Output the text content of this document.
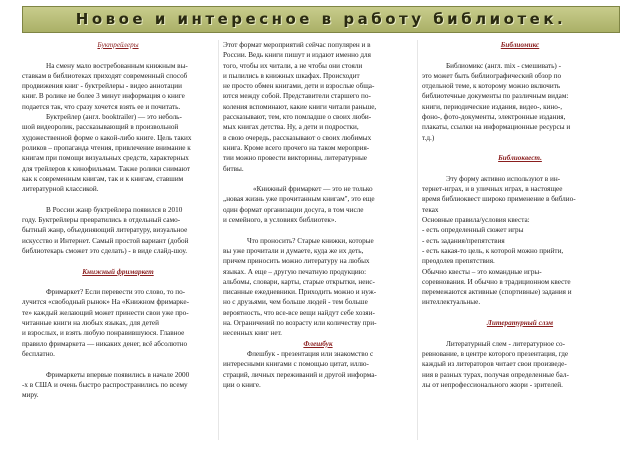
Новое и интересное в работу библиотек.

Буктрейлеры

На смену мало востребованным книжным вы-
ставкам в библиотеках приходят современный способ
продвижения книг - буктрейлеры - видео аннотации
книг. В ролике не более 3 минут информация о книге
подается так, что сразу хочется взять ее и почитать.
Буктрейлер (англ. booktrailer) — это неболь-
шой видеоролик, рассказывающий в произвольной
художественной форме о какой-либо книге. Цель таких
роликов – пропаганда чтения, привлечение внимание к
книгам при помощи визуальных средств, характерных
для трейлеров к кинофильмам. Также ролики снимают
как к современным книгам, так и к книгам, ставшим
литературной классикой.
В России жанр буктрейлера появился в 2010
году. Буктрейлеры превратились в отдельный само-
бытный жанр, объединяющий литературу, визуальное
искусство и Интернет. Самый простой вариант (добой
библиотекарь сможет это сделать) - в виде слайд-шоу.

Книжный фримаркет

Фримаркет? Если перевести это слово, то по-
лучится «свободный рынок» На «Книжном фримаркe-
те» каждый желающий может принести свои уже про-
читанные книги на любых языках, для детей
и взрослых, и взять любую понравившуюся. Главное
правило фримаркета — никаких денег, всё абсолютно
бесплатно.
Фримаркеты впервые появились в начале 2000
-х в США и очень быстро распространились по всему
миру.
Этот формат мероприятий сейчас популярен и в
России. Ведь книги пишут и издают именно для
того, чтобы их читали, а не чтобы они стояли
и пылились в книжных шкафах. Происходит
не просто обмен книгами, дети и взрослые обща-
ются между собой. Представители старшего по-
коления вспоминают, какие книги читали раньше,
рассказывают, тем, кто помладше о своих люби-
мых книгах детства. Ну, а дети и подростки,
в свою очередь, рассказывают о своих любимых
книга. Кроме всего прочего на таком мероприя-
тии можно провести викторины, литературные
битвы.
«Книжный фримаркет — это не только
„новая жизнь уже прочитанным книгам", это еще
один формат организации досуга, в том числе
и семейного, в условиях библиотек».
Что проносить? Старые книжки, которые
вы уже прочитали и думаете, куда же их деть,
причем приносить можно литературу на любых
языках. А еще – другую печатную продукцию:
альбомы, словари, карты, старые открытки, неис-
писанные ежедневники. Приходить можно и нуж-
но с друзьями, чем больше людей - тем больше
вероятность, что все-все вещи найдут себе хозяи-
на. Ограничений по возрасту или количеству при-
несенных книг нет.

Флешбук

Флешбук - презентация или знакомство с
интересными книгами с помощью цитат, иллю-
страций, личных переживаний и другой информа-
ции о книге.

Библиомикс

Библиомикс (англ. mix - смешивать) -
это может быть библиографический обзор по
отдельной теме, к которому можно включить
библиотечные документы по различным видам:
книги, периодические издания, видео-, кино-,
фоно-, фото-документы, электронные издания,
плакаты, ссылки на информационные ресурсы и
т.д.)

Библиоквест.

Эту форму активно используют в ин-
тернет-играх, и в уличных играх, в настоящее
время библиоквест широко применение в библио-
теках
Основные правила/условия квеста:
- есть определенный сюжет игры
- есть задания/препятствия
- есть какая-то цель, к которой можно прийти,
преодолев препятствия.
Обычно квесты – это командные игры-
соревнования. И обычно в традиционном квесте
перемежаются активные (спортивные) задания и
интеллектуальные.

Литературный слэм

Литературный слем - литературное со-
ревнование, в центре которого презентация, где
каждый из литераторов читает свои произведе-
ния в разных турах, получая определенные бал-
лы от непрофессионального жюри - зрителей.
